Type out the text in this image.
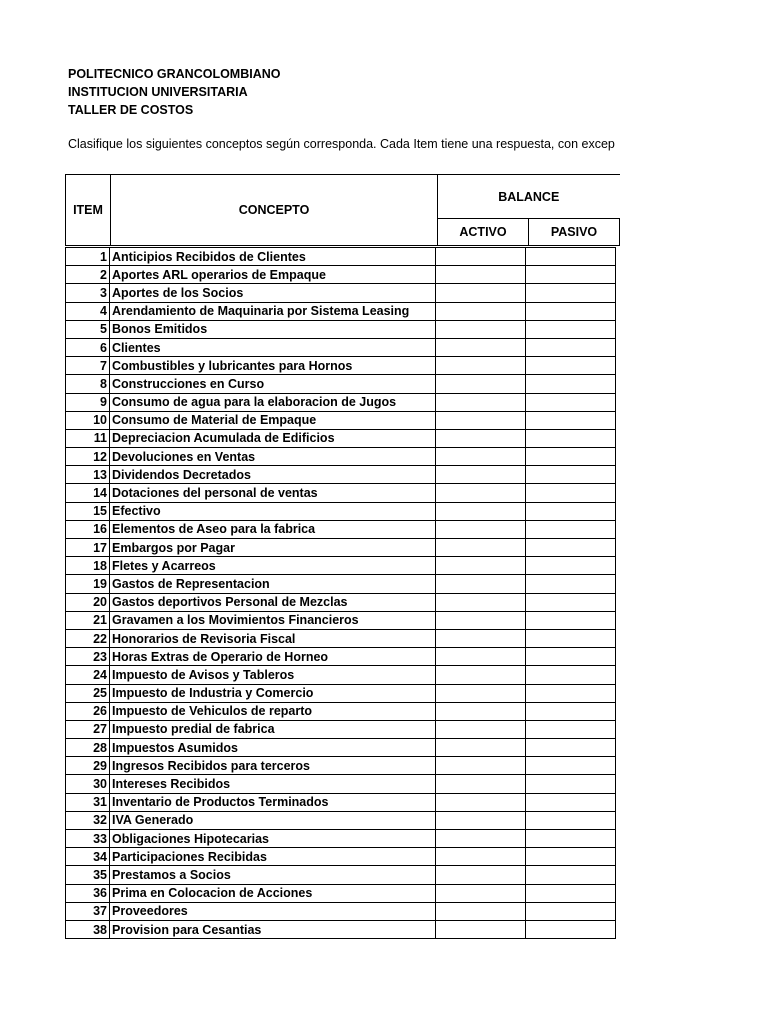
POLITECNICO GRANCOLOMBIANO
INSTITUCION UNIVERSITARIA
TALLER DE COSTOS
Clasifique los siguientes conceptos según corresponda. Cada Item tiene una respuesta, con excep
ITEM	CONCEPTO	BALANCE	
		ACTIVO	PASIVO
1	Anticipios Recibidos de Clientes		
2	Aportes ARL operarios de Empaque		
3	Aportes de los Socios		
4	Arendamiento de Maquinaria por Sistema Leasing		
5	Bonos Emitidos		
6	Clientes		
7	Combustibles y lubricantes para Hornos		
8	Construcciones en Curso		
9	Consumo de agua para la elaboracion de Jugos		
10	Consumo de Material de Empaque		
11	Depreciacion Acumulada de Edificios		
12	Devoluciones en Ventas		
13	Dividendos Decretados		
14	Dotaciones del personal de ventas		
15	Efectivo		
16	Elementos de Aseo para la fabrica		
17	Embargos por Pagar		
18	Fletes y Acarreos		
19	Gastos de Representacion		
20	Gastos deportivos Personal de Mezclas		
21	Gravamen a los Movimientos Financieros		
22	Honorarios de Revisoria Fiscal		
23	Horas Extras de Operario de Horneo		
24	Impuesto de Avisos y Tableros		
25	Impuesto de Industria y Comercio		
26	Impuesto de Vehiculos de reparto		
27	Impuesto predial de fabrica		
28	Impuestos Asumidos		
29	Ingresos Recibidos para terceros		
30	Intereses Recibidos		
31	Inventario de Productos Terminados		
32	IVA Generado		
33	Obligaciones Hipotecarias		
34	Participaciones Recibidas		
35	Prestamos a Socios		
36	Prima en Colocacion de Acciones		
37	Proveedores		
38	Provision para Cesantias		
